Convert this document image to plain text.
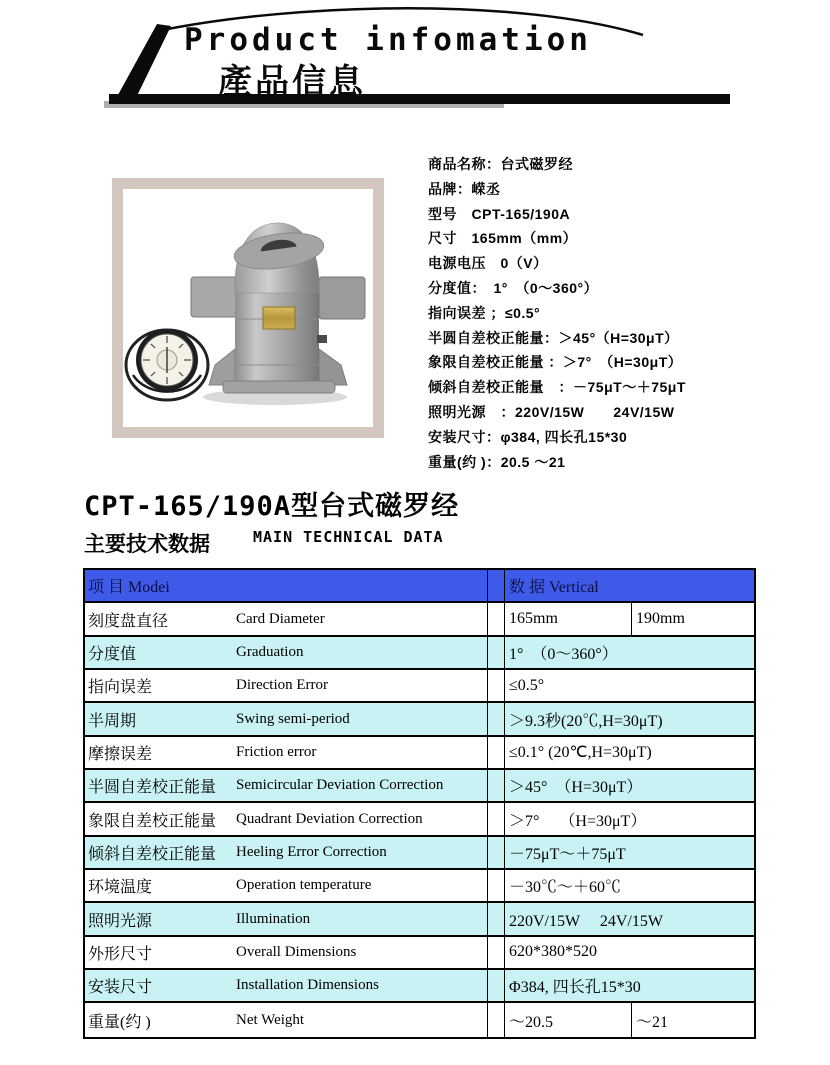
Product infomation
產品信息
商品名称：台式磁罗经
品牌：嵘丞
型号　CPT-165/190A
尺寸　165mm（mm）
电源电压　0（V）
分度值：　1°　（0～360°）
指向误差 ；≤0.5°
半圆自差校正能量：＞45°（H=30μT）
象限自差校正能量 ：＞7°　（H=30μT）
倾斜自差校正能量　：－75μT～＋75μT
照明光源　：220V/15W　　24V/15W
安装尺寸：φ384, 四长孔15*30
重量(约 )：20.5 ～21
CPT-165/190A型台式磁罗经
主要技术数据	MAIN TECHNICAL DATA
项 目 Modei	数 据 Vertical
刻度盘直径	Card Diameter	165mm	190mm
分度值	Graduation	1°　（0～360°）
指向误差	Direction Error	≤0.5°
半周期	Swing semi-period	＞9.3秒(20℃,H=30μT)
摩擦误差	Friction error	≤0.1° (20℃,H=30μT)
半圆自差校正能量 Semicircular Deviation Correction	＞45°　（H=30μT）
象限自差校正能量 Quadrant Deviation Correction	＞7°　 （H=30μT）
倾斜自差校正能量 Heeling Error Correction	－75μT～＋75μT
环境温度	Operation temperature	－30℃～＋60℃
照明光源	Illumination	220V/15W　 24V/15W
外形尺寸	Overall Dimensions	620*380*520
安装尺寸	Installation Dimensions	Φ384, 四长孔15*30
重量(约 )	Net Weight	～20.5	～21
